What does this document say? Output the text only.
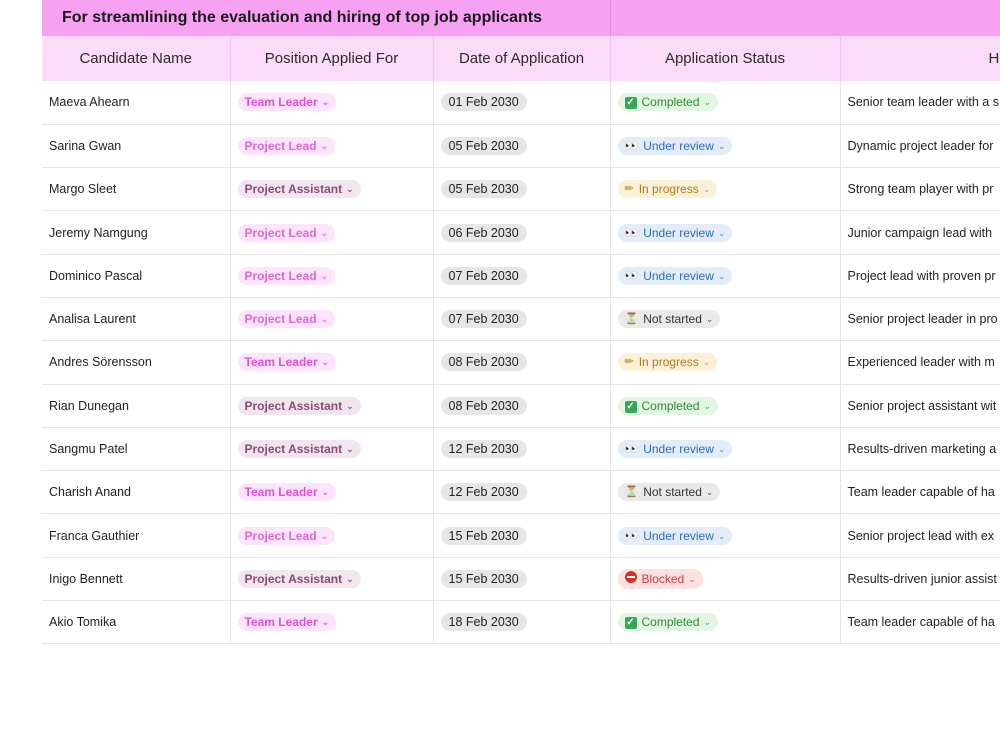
For streamlining the evaluation and hiring of top job applicants
Candidate Name	Position Applied For	Date of Application	Application Status	H
Maeva Ahearn	Team Leader ⌄	01 Feb 2030	✓ Completed ⌄	Senior team leader with a s
Sarina Gwan	Project Lead ⌄	05 Feb 2030	👀 Under review ⌄	Dynamic project leader for
Margo Sleet	Project Assistant ⌄	05 Feb 2030	✏ In progress ⌄	Strong team player with pr
Jeremy Namgung	Project Lead ⌄	06 Feb 2030	👀 Under review ⌄	Junior campaign lead with
Dominico Pascal	Project Lead ⌄	07 Feb 2030	👀 Under review ⌄	Project lead with proven pr
Analisa Laurent	Project Lead ⌄	07 Feb 2030	⏳ Not started ⌄	Senior project leader in pro
Andres Sörensson	Team Leader ⌄	08 Feb 2030	✏ In progress ⌄	Experienced leader with m
Rian Dunegan	Project Assistant ⌄	08 Feb 2030	✓ Completed ⌄	Senior project assistant wit
Sangmu Patel	Project Assistant ⌄	12 Feb 2030	👀 Under review ⌄	Results-driven marketing a
Charish Anand	Team Leader ⌄	12 Feb 2030	⏳ Not started ⌄	Team leader capable of ha
Franca Gauthier	Project Lead ⌄	15 Feb 2030	👀 Under review ⌄	Senior project lead with ex
Inigo Bennett	Project Assistant ⌄	15 Feb 2030	Blocked ⌄	Results-driven junior assist
Akio Tomika	Team Leader ⌄	18 Feb 2030	✓ Completed ⌄	Team leader capable of ha
